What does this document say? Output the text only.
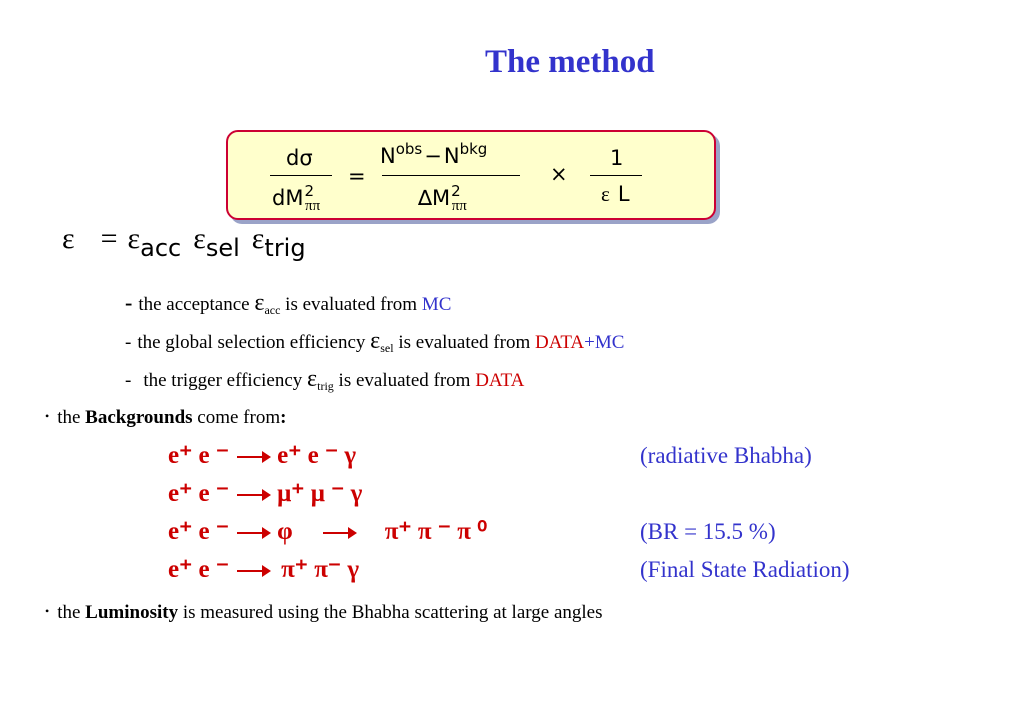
The method
dσ
$dM^2_{\pi\pi}$
=
$N^{obs}-N^{bkg}$
$\Delta M^2_{\pi\pi}$
×
1
ε L
ε = εacc εsel εtrig
- the acceptance $\varepsilon_{acc}$ is evaluated from MC
- the global selection efficiency $\varepsilon_{sel}$ is evaluated from DATA+MC
- the trigger efficiency $\varepsilon_{trig}$ is evaluated from DATA
• the Backgrounds come from:
e⁺ e ⁻ e⁺ e ⁻ γ	(radiative Bhabha)
e⁺ e ⁻ μ⁺ μ ⁻ γ
e⁺ e ⁻ φ	π⁺ π ⁻ π ⁰	(BR = 15.5 %)
e⁺ e ⁻ π⁺ π⁻ γ	(Final State Radiation)
• the Luminosity is measured using the Bhabha scattering at large angles
